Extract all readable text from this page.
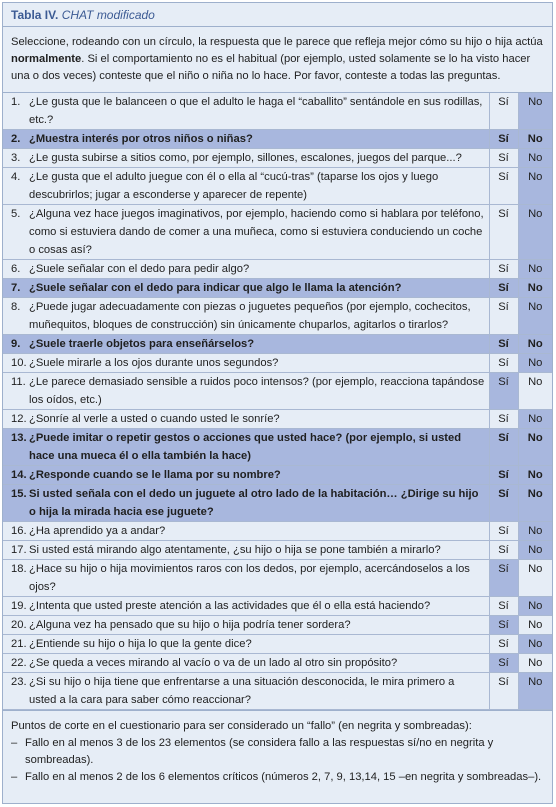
Tabla IV. CHAT modificado
Seleccione, rodeando con un círculo, la respuesta que le parece que refleja mejor cómo su hijo o hija actúa normalmente. Si el comportamiento no es el habitual (por ejemplo, usted solamente se lo ha visto hacer una o dos veces) conteste que el niño o niña no lo hace. Por favor, conteste a todas las preguntas.
1.	¿Le gusta que le balanceen o que el adulto le haga el “caballito” sentándole en sus rodillas, etc.?	Sí	No
2.	¿Muestra interés por otros niños o niñas?	Sí	No
3.	¿Le gusta subirse a sitios como, por ejemplo, sillones, escalones, juegos del parque...?	Sí	No
4.	¿Le gusta que el adulto juegue con él o ella al “cucú-tras” (taparse los ojos y luego descubrirlos; jugar a esconderse y aparecer de repente)	Sí	No
5.	¿Alguna vez hace juegos imaginativos, por ejemplo, haciendo como si hablara por teléfono, como si estuviera dando de comer a una muñeca, como si estuviera conduciendo un coche o cosas así?	Sí	No
6.	¿Suele señalar con el dedo para pedir algo?	Sí	No
7.	¿Suele señalar con el dedo para indicar que algo le llama la atención?	Sí	No
8.	¿Puede jugar adecuadamente con piezas o juguetes pequeños (por ejemplo, cochecitos, muñequitos, bloques de construcción) sin únicamente chuparlos, agitarlos o tirarlos?	Sí	No
9.	¿Suele traerle objetos para enseñárselos?	Sí	No
10.	¿Suele mirarle a los ojos durante unos segundos?	Sí	No
11.	¿Le parece demasiado sensible a ruidos poco intensos? (por ejemplo, reacciona tapándose los oídos, etc.)	Sí	No
12.	¿Sonríe al verle a usted o cuando usted le sonríe?	Sí	No
13.	¿Puede imitar o repetir gestos o acciones que usted hace? (por ejemplo, si usted hace una mueca él o ella también la hace)	Sí	No
14.	¿Responde cuando se le llama por su nombre?	Sí	No
15.	Si usted señala con el dedo un juguete al otro lado de la habitación… ¿Dirige su hijo o hija la mirada hacia ese juguete?	Sí	No
16.	¿Ha aprendido ya a andar?	Sí	No
17.	Si usted está mirando algo atentamente, ¿su hijo o hija se pone también a mirarlo?	Sí	No
18.	¿Hace su hijo o hija movimientos raros con los dedos, por ejemplo, acercándoselos a los ojos?	Sí	No
19.	¿Intenta que usted preste atención a las actividades que él o ella está haciendo?	Sí	No
20.	¿Alguna vez ha pensado que su hijo o hija podría tener sordera?	Sí	No
21.	¿Entiende su hijo o hija lo que la gente dice?	Sí	No
22.	¿Se queda a veces mirando al vacío o va de un lado al otro sin propósito?	Sí	No
23.	¿Si su hijo o hija tiene que enfrentarse a una situación desconocida, le mira primero a usted a la cara para saber cómo reaccionar?	Sí	No
Puntos de corte en el cuestionario para ser considerado un “fallo” (en negrita y sombreadas):
– Fallo en al menos 3 de los 23 elementos (se considera fallo a las respuestas sí/no en negrita y sombreadas).
– Fallo en al menos 2 de los 6 elementos críticos (números 2, 7, 9, 13,14, 15 –en negrita y sombreadas–).
